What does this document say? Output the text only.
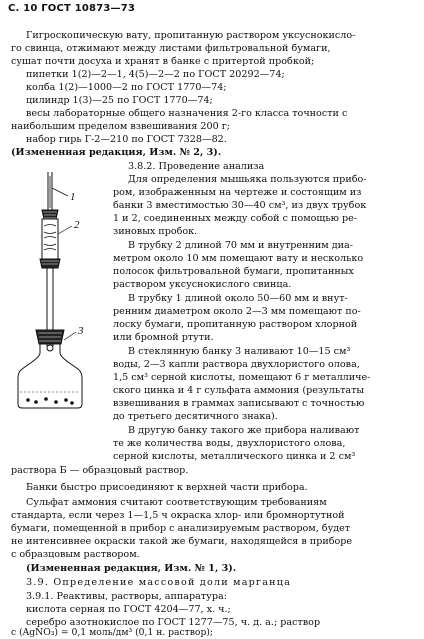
С. 10 ГОСТ 10873—73
Гигроскопическую вату, пропитанную раствором уксуснокисло-
го свинца, отжимают между листами фильтровальной бумаги,
сушат почти досуха и хранят в банке с притертой пробкой;
пипетки 1(2)—2—1, 4(5)—2—2 по ГОСТ 20292—74;
колба 1(2)—1000—2 по ГОСТ 1770—74;
цилиндр 1(3)—25 по ГОСТ 1770—74;
весы лабораторные общего назначения 2-го класса точности с
наибольшим пределом взвешивания 200 г;
набор гирь Г-2—210 по ГОСТ 7328—82.
(Измененная редакция, Изм. № 2, 3).
3.8.2. Проведение анализа
Для определения мышьяка пользуются прибо-
ром, изображенным на чертеже и состоящим из
банки 3 вместимостью 30—40 см³, из двух трубок
1 и 2, соединенных между собой с помощью ре-
зиновых пробок.
В трубку 2 длиной 70 мм и внутренним диа-
метром около 10 мм помещают вату и несколько
полосок фильтровальной бумаги, пропитанных
раствором уксуснокислого свинца.
В трубку 1 длиной около 50—60 мм и внут-
ренним диаметром около 2—3 мм помещают по-
лоску бумаги, пропитанную раствором хлорной
или бромной ртути.
В стеклянную банку 3 наливают 10—15 см³
воды, 2—3 капли раствора двухлористого олова,
1,5 см³ серной кислоты, помещают 6 г металличе-
ского цинка и 4 г сульфата аммония (результаты
взвешивания в граммах записывают с точностью
до третьего десятичного знака).
В другую банку такого же прибора наливают
те же количества воды, двухлористого олова,
серной кислоты, металлического цинка и 2 см³
раствора Б — образцовый раствор.
Банки быстро присоединяют к верхней части прибора.
Сульфат аммония считают соответствующим требованиям
стандарта, если через 1—1,5 ч окраска хлор- или бромнортутной
бумаги, помещенной в прибор с анализируемым раствором, будет
не интенсивнее окраски такой же бумаги, находящейся в приборе
с образцовым раствором.
(Измененная редакция, Изм. № 1, 3).
3.9. Определение массовой доли марганца
3.9.1. Реактивы, растворы, аппаратура:
кислота серная по ГОСТ 4204—77, х. ч.;
серебро азотнокислое по ГОСТ 1277—75, ч. д. а.; раствор
c (AgNO₃) = 0,1 моль/дм³ (0,1 н. раствор);
1
2
3
